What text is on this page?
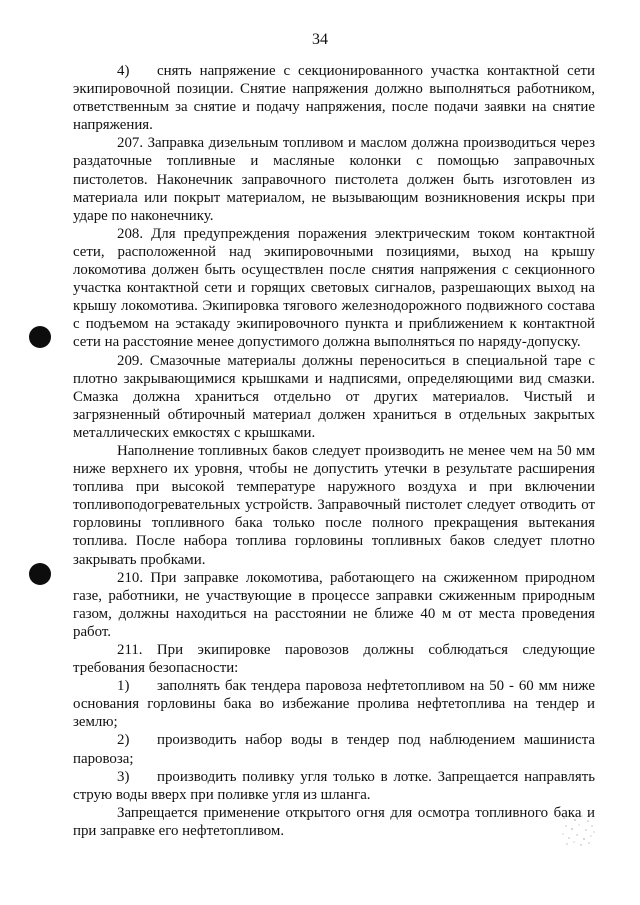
34

4) снять напряжение с секционированного участка контактной сети экипировочной позиции. Снятие напряжения должно выполняться работником, ответственным за снятие и подачу напряжения, после подачи заявки на снятие напряжения.

207. Заправка дизельным топливом и маслом должна производиться через раздаточные топливные и масляные колонки с помощью заправочных пистолетов. Наконечник заправочного пистолета должен быть изготовлен из материала или покрыт материалом, не вызывающим возникновения искры при ударе по наконечнику.

208. Для предупреждения поражения электрическим током контактной сети, расположенной над экипировочными позициями, выход на крышу локомотива должен быть осуществлен после снятия напряжения с секционного участка контактной сети и горящих световых сигналов, разрешающих выход на крышу локомотива. Экипировка тягового железнодорожного подвижного состава с подъемом на эстакаду экипировочного пункта и приближением к контактной сети на расстояние менее допустимого должна выполняться по наряду-допуску.

209. Смазочные материалы должны переноситься в специальной таре с плотно закрывающимися крышками и надписями, определяющими вид смазки. Смазка должна храниться отдельно от других материалов. Чистый и загрязненный обтирочный материал должен храниться в отдельных закрытых металлических емкостях с крышками.

Наполнение топливных баков следует производить не менее чем на 50 мм ниже верхнего их уровня, чтобы не допустить утечки в результате расширения топлива при высокой температуре наружного воздуха и при включении топливоподогревательных устройств. Заправочный пистолет следует отводить от горловины топливного бака только после полного прекращения вытекания топлива. После набора топлива горловины топливных баков следует плотно закрывать пробками.

210. При заправке локомотива, работающего на сжиженном природном газе, работники, не участвующие в процессе заправки сжиженным природным газом, должны находиться на расстоянии не ближе 40 м от места проведения работ.

211. При экипировке паровозов должны соблюдаться следующие требования безопасности:

1) заполнять бак тендера паровоза нефтетопливом на 50 - 60 мм ниже основания горловины бака во избежание пролива нефтетоплива на тендер и землю;

2) производить набор воды в тендер под наблюдением машиниста паровоза;

3) производить поливку угля только в лотке. Запрещается направлять струю воды вверх при поливке угля из шланга.

Запрещается применение открытого огня для осмотра топливного бака и при заправке его нефтетопливом.
